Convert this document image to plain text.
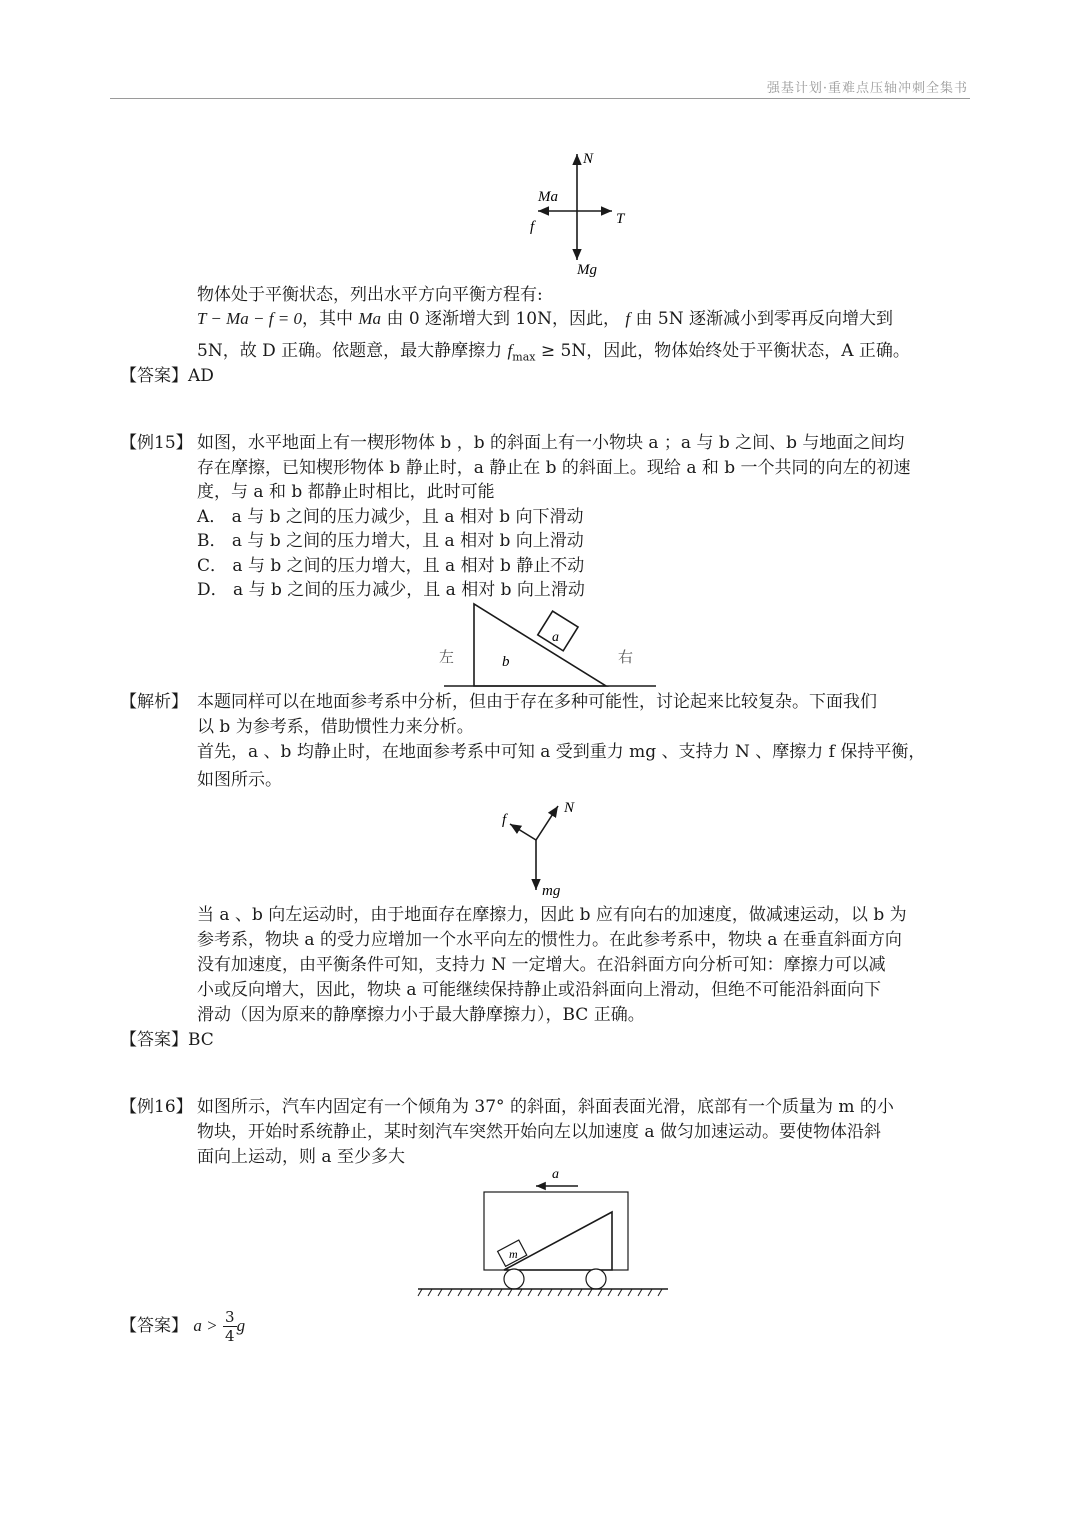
强基计划·重难点压轴冲刺全集书
N
Mg
T
Ma
f
物体处于平衡状态，列出水平方向平衡方程有:
T − Ma − f = 0，其中 Ma 由 0 逐渐增大到 10N，因此， f 由 5N 逐渐减小到零再反向增大到
5N，故 D 正确。依题意，最大静摩擦力 $f_{max} \ge 5N$，因此，物体始终处于平衡状态，A 正确。
【答案】AD
【例15】 如图，水平地面上有一楔形物体 b ，b 的斜面上有一小物块 a ；a 与 b 之间、b 与地面之间均
存在摩擦，已知楔形物体 b 静止时，a 静止在 b 的斜面上。现给 a 和 b 一个共同的向左的初速
度，与 a 和 b 都静止时相比，此时可能
A． a 与 b 之间的压力减少，且 a 相对 b 向下滑动
B． a 与 b 之间的压力增大，且 a 相对 b 向上滑动
C． a 与 b 之间的压力增大，且 a 相对 b 静止不动
D． a 与 b 之间的压力减少，且 a 相对 b 向上滑动
a
b
左	右
【解析】 本题同样可以在地面参考系中分析，但由于存在多种可能性，讨论起来比较复杂。下面我们
以 b 为参考系，借助惯性力来分析。
首先，a 、b 均静止时，在地面参考系中可知 a 受到重力 mg 、支持力 N 、摩擦力 f 保持平衡，
如图所示。
f
N
mg
当 a 、b 向左运动时，由于地面存在摩擦力，因此 b 应有向右的加速度，做减速运动，以 b 为
参考系，物块 a 的受力应增加一个水平向左的惯性力。在此参考系中，物块 a 在垂直斜面方向
没有加速度，由平衡条件可知，支持力 N 一定增大。在沿斜面方向分析可知：摩擦力可以减
小或反向增大，因此，物块 a 可能继续保持静止或沿斜面向上滑动，但绝不可能沿斜面向下
滑动（因为原来的静摩擦力小于最大静摩擦力），BC 正确。
【答案】BC
【例16】 如图所示，汽车内固定有一个倾角为 37° 的斜面，斜面表面光滑，底部有一个质量为 m 的小
物块，开始时系统静止，某时刻汽车突然开始向左以加速度 a 做匀加速运动。要使物体沿斜
面向上运动，则 a 至少多大
a
m
【答案】 $a > \frac{3}{4}$ g
